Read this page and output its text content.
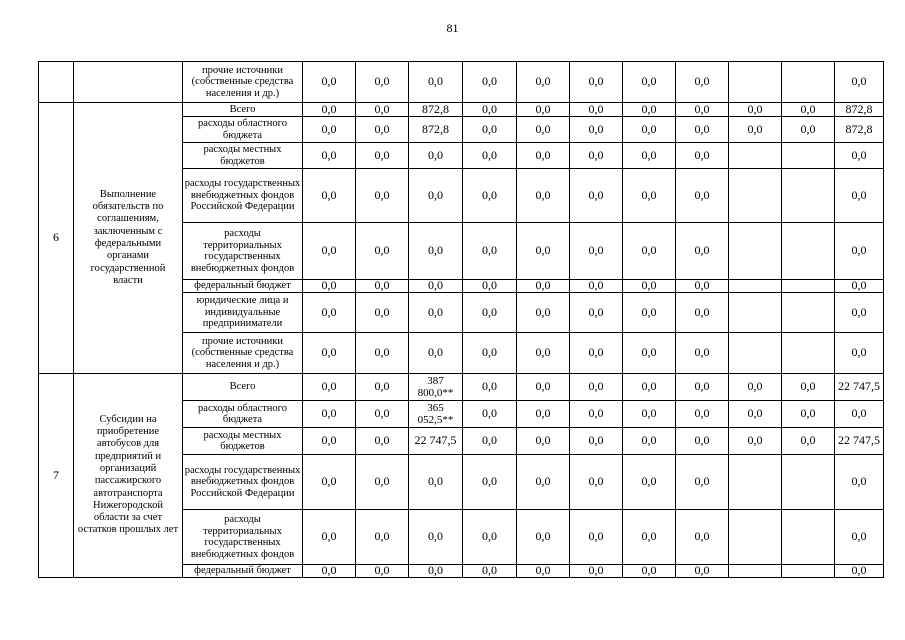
81
		прочие источники (собственные средства населения и др.)	0,0	0,0	0,0	0,0	0,0	0,0	0,0	0,0			0,0
6	Выполнение обязательств по соглашениям, заключенным с федеральными органами государственной власти	Всего	0,0	0,0	872,8	0,0	0,0	0,0	0,0	0,0	0,0	0,0	872,8
		расходы областного бюджета	0,0	0,0	872,8	0,0	0,0	0,0	0,0	0,0	0,0	0,0	872,8
		расходы местных бюджетов	0,0	0,0	0,0	0,0	0,0	0,0	0,0	0,0			0,0
		расходы государственных внебюджетных фондов Российской Федерации	0,0	0,0	0,0	0,0	0,0	0,0	0,0	0,0			0,0
		расходы территориальных государственных внебюджетных фондов	0,0	0,0	0,0	0,0	0,0	0,0	0,0	0,0			0,0
		федеральный бюджет	0,0	0,0	0,0	0,0	0,0	0,0	0,0	0,0			0,0
		юридические лица и индивидуальные предприниматели	0,0	0,0	0,0	0,0	0,0	0,0	0,0	0,0			0,0
		прочие источники (собственные средства населения и др.)	0,0	0,0	0,0	0,0	0,0	0,0	0,0	0,0			0,0
7	Субсидии на приобретение автобусов для предприятий и организаций пассажирского автотранспорта Нижегородской области за счет остатков прошлых лет	Всего	0,0	0,0	387 800,0**	0,0	0,0	0,0	0,0	0,0	0,0	0,0	22 747,5
		расходы областного бюджета	0,0	0,0	365 052,5**	0,0	0,0	0,0	0,0	0,0	0,0	0,0	0,0
		расходы местных бюджетов	0,0	0,0	22 747,5	0,0	0,0	0,0	0,0	0,0	0,0	0,0	22 747,5
		расходы государственных внебюджетных фондов Российской Федерации	0,0	0,0	0,0	0,0	0,0	0,0	0,0	0,0			0,0
		расходы территориальных государственных внебюджетных фондов	0,0	0,0	0,0	0,0	0,0	0,0	0,0	0,0			0,0
		федеральный бюджет	0,0	0,0	0,0	0,0	0,0	0,0	0,0	0,0			0,0
